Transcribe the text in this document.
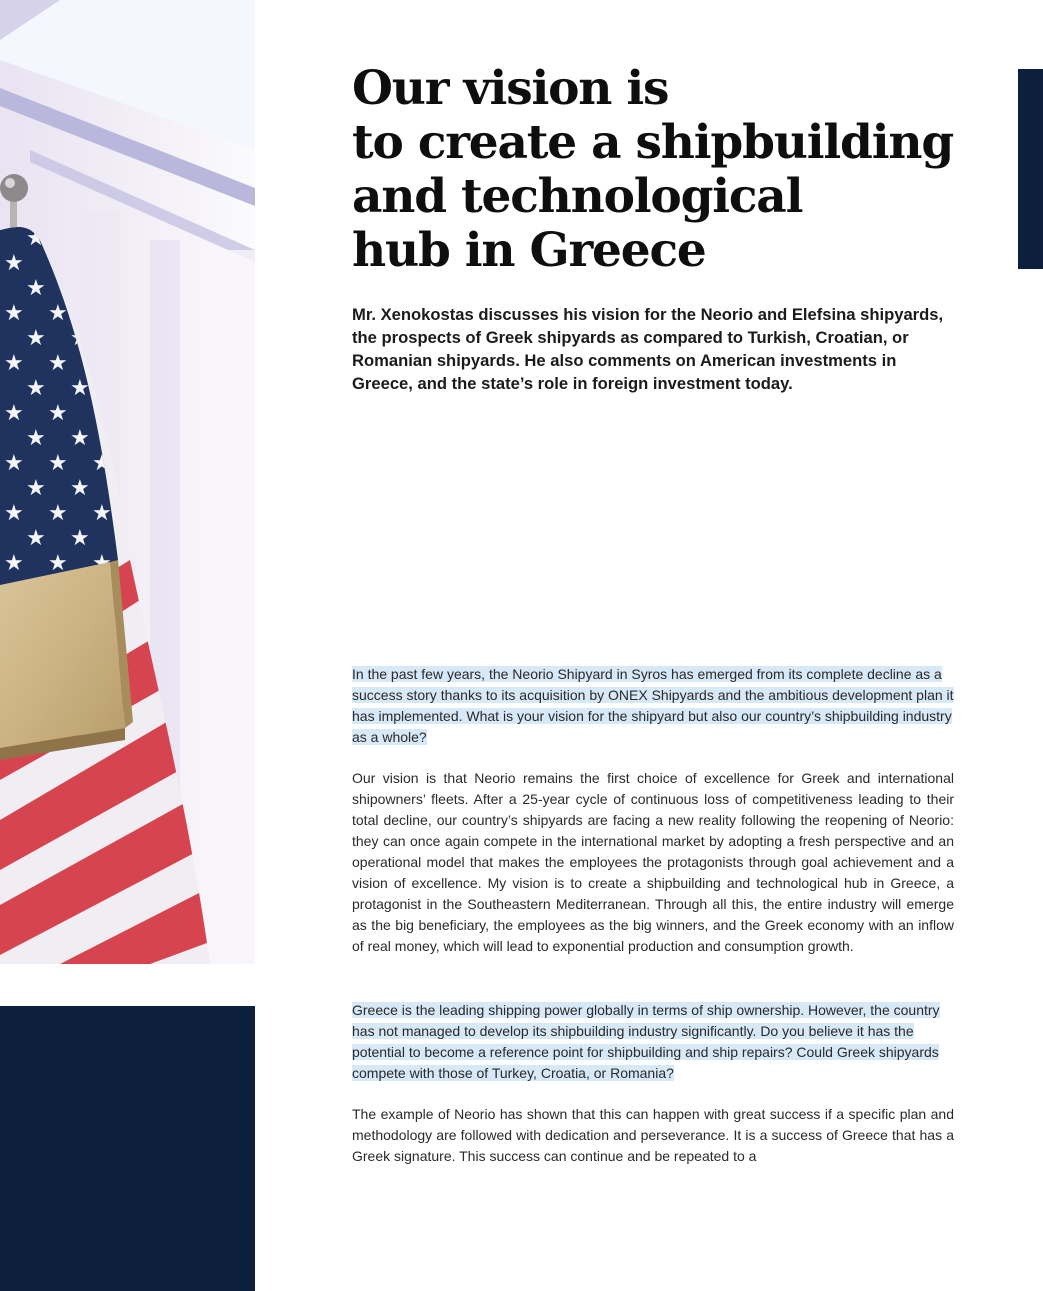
Our vision is
to create a shipbuilding
and technological
hub in Greece

Mr. Xenokostas discusses his vision for the Neorio and Elefsina shipyards, the prospects of Greek shipyards as compared to Turkish, Croatian, or Romanian shipyards. He also comments on American investments in Greece, and the state’s role in foreign investment today.

In the past few years, the Neorio Shipyard in Syros has emerged from its complete decline as a success story thanks to its acquisition by ONEX Shipyards and the ambitious development plan it has implemented. What is your vision for the shipyard but also our country’s shipbuilding industry as a whole?

Our vision is that Neorio remains the first choice of excellence for Greek and international shipowners’ fleets. After a 25-year cycle of continuous loss of competitiveness leading to their total decline, our country’s shipyards are facing a new reality following the reopening of Neorio: they can once again compete in the international market by adopting a fresh perspective and an operational model that makes the employees the protagonists through goal achievement and a vision of excellence. My vision is to create a shipbuilding and technological hub in Greece, a protagonist in the Southeastern Mediterranean. Through all this, the entire industry will emerge as the big beneficiary, the employees as the big winners, and the Greek economy with an inflow of real money, which will lead to exponential production and consumption growth.

Greece is the leading shipping power globally in terms of ship ownership. However, the country has not managed to develop its shipbuilding industry significantly. Do you believe it has the potential to become a reference point for shipbuilding and ship repairs? Could Greek shipyards compete with those of Turkey, Croatia, or Romania?

The example of Neorio has shown that this can happen with great success if a specific plan and methodology are followed with dedication and perseverance. It is a success of Greece that has a Greek signature. This success can continue and be repeated to a
